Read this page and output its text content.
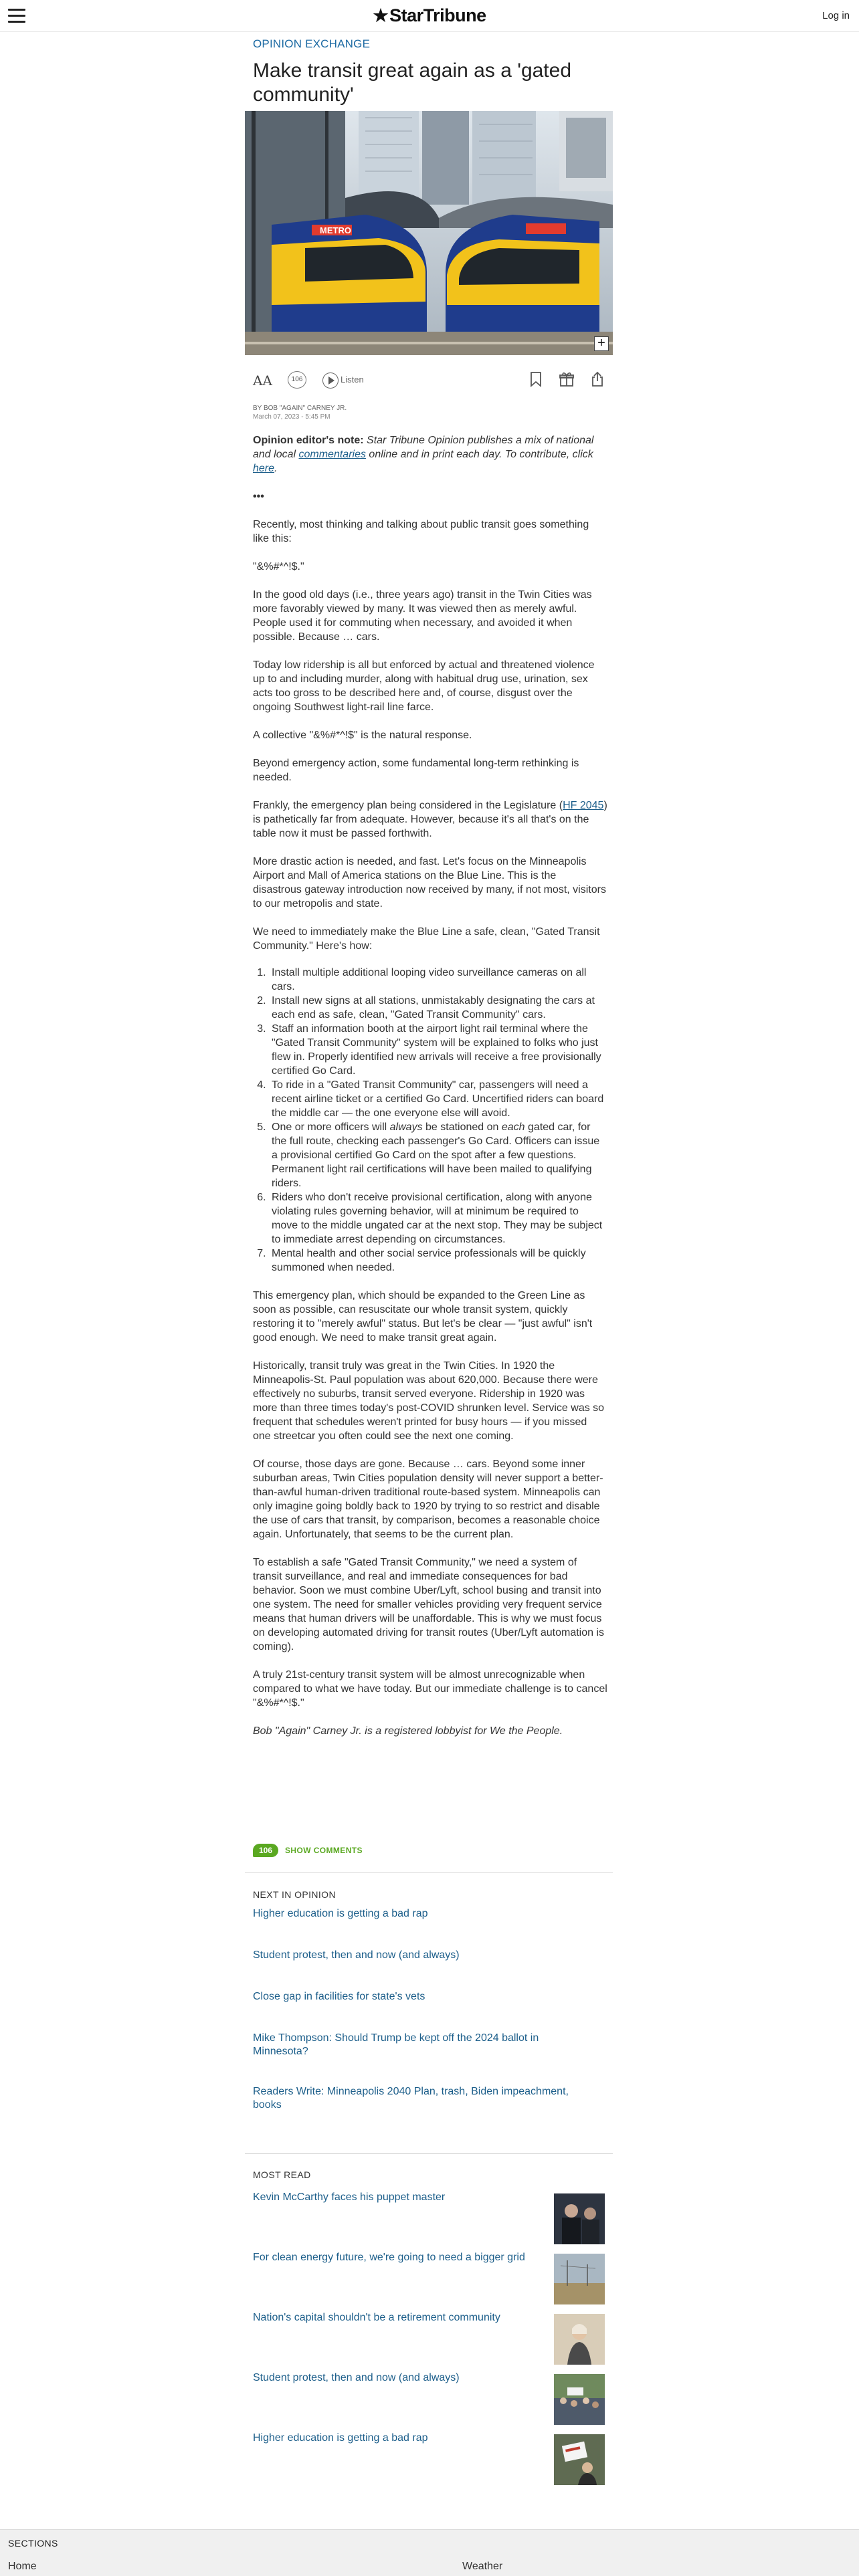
★StarTribune	Log in
OPINION EXCHANGE
Make transit great again as a 'gated community'
METRO
+
AA	106	Listen

BY BOB "AGAIN" CARNEY JR.
March 07, 2023 - 5:45 PM

Opinion editor's note: Star Tribune Opinion publishes a mix of national and local commentaries online and in print each day. To contribute, click here.

•••

Recently, most thinking and talking about public transit goes something like this:

"&%#*^!$."

In the good old days (i.e., three years ago) transit in the Twin Cities was more favorably viewed by many. It was viewed then as merely awful. People used it for commuting when necessary, and avoided it when possible. Because … cars.

Today low ridership is all but enforced by actual and threatened violence up to and including murder, along with habitual drug use, urination, sex acts too gross to be described here and, of course, disgust over the ongoing Southwest light-rail line farce.

A collective "&%#*^!$" is the natural response.

Beyond emergency action, some fundamental long-term rethinking is needed.

Frankly, the emergency plan being considered in the Legislature (HF 2045) is pathetically far from adequate. However, because it's all that's on the table now it must be passed forthwith.

More drastic action is needed, and fast. Let's focus on the Minneapolis Airport and Mall of America stations on the Blue Line. This is the disastrous gateway introduction now received by many, if not most, visitors to our metropolis and state.

We need to immediately make the Blue Line a safe, clean, "Gated Transit Community." Here's how:

1. Install multiple additional looping video surveillance cameras on all cars.
2. Install new signs at all stations, unmistakably designating the cars at each end as safe, clean, "Gated Transit Community" cars.
3. Staff an information booth at the airport light rail terminal where the "Gated Transit Community" system will be explained to folks who just flew in. Properly identified new arrivals will receive a free provisionally certified Go Card.
4. To ride in a "Gated Transit Community" car, passengers will need a recent airline ticket or a certified Go Card. Uncertified riders can board the middle car — the one everyone else will avoid.
5. One or more officers will always be stationed on each gated car, for the full route, checking each passenger's Go Card. Officers can issue a provisional certified Go Card on the spot after a few questions. Permanent light rail certifications will have been mailed to qualifying riders.
6. Riders who don't receive provisional certification, along with anyone violating rules governing behavior, will at minimum be required to move to the middle ungated car at the next stop. They may be subject to immediate arrest depending on circumstances.
7. Mental health and other social service professionals will be quickly summoned when needed.

This emergency plan, which should be expanded to the Green Line as soon as possible, can resuscitate our whole transit system, quickly restoring it to "merely awful" status. But let's be clear — "just awful" isn't good enough. We need to make transit great again.

Historically, transit truly was great in the Twin Cities. In 1920 the Minneapolis-St. Paul population was about 620,000. Because there were effectively no suburbs, transit served everyone. Ridership in 1920 was more than three times today's post-COVID shrunken level. Service was so frequent that schedules weren't printed for busy hours — if you missed one streetcar you often could see the next one coming.

Of course, those days are gone. Because … cars. Beyond some inner suburban areas, Twin Cities population density will never support a better-than-awful human-driven traditional route-based system. Minneapolis can only imagine going boldly back to 1920 by trying to so restrict and disable the use of cars that transit, by comparison, becomes a reasonable choice again. Unfortunately, that seems to be the current plan.

To establish a safe "Gated Transit Community," we need a system of transit surveillance, and real and immediate consequences for bad behavior. Soon we must combine Uber/Lyft, school busing and transit into one system. The need for smaller vehicles providing very frequent service means that human drivers will be unaffordable. This is why we must focus on developing automated driving for transit routes (Uber/Lyft automation is coming).

A truly 21st-century transit system will be almost unrecognizable when compared to what we have today. But our immediate challenge is to cancel "&%#*^!$."

Bob "Again" Carney Jr. is a registered lobbyist for We the People.

106 SHOW COMMENTS
NEXT IN OPINION
Higher education is getting a bad rap
Student protest, then and now (and always)
Close gap in facilities for state's vets
Mike Thompson: Should Trump be kept off the 2024 ballot in Minnesota?
Readers Write: Minneapolis 2040 Plan, trash, Biden impeachment, books
MOST READ
Kevin McCarthy faces his puppet master
For clean energy future, we're going to need a bigger grid
Nation's capital shouldn't be a retirement community
Student protest, then and now (and always)
Higher education is getting a bad rap
SECTIONS
Home	Weather
